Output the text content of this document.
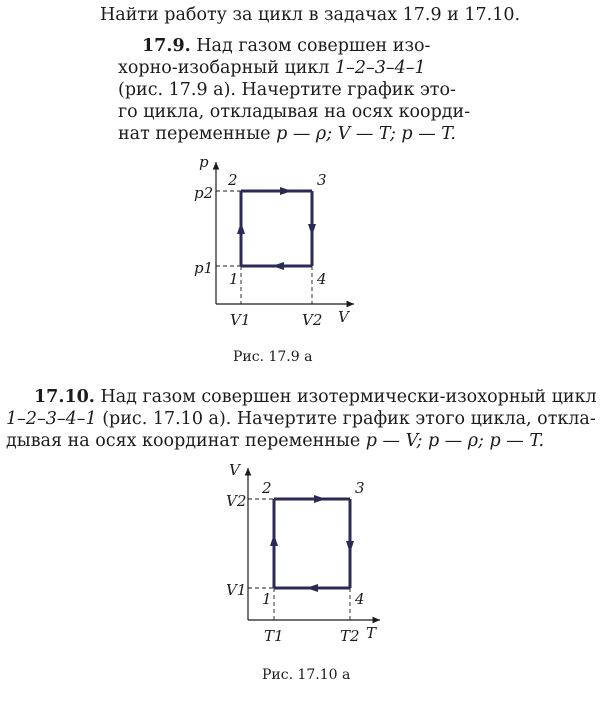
Найти работу за цикл в задачах 17.9 и 17.10.
17.9. Над газом совершен изо-
хорно-изобарный цикл 1–2–3–4–1
(рис. 17.9 а). Начертите график это-
го цикла, откладывая на осях коорди-
нат переменные p — ρ; V — T; p — T.
p
V
p2
p1
V1	V2
1
2	3
4
V
T
V2
V1
T1	T2
1
2	3
4
Рис. 17.9 а
17.10. Над газом совершен изотермически-изохорный цикл
1–2–3–4–1 (рис. 17.10 а). Начертите график этого цикла, откла-
дывая на осях координат переменные p — V; p — ρ; p — T.
Рис. 17.10 а
